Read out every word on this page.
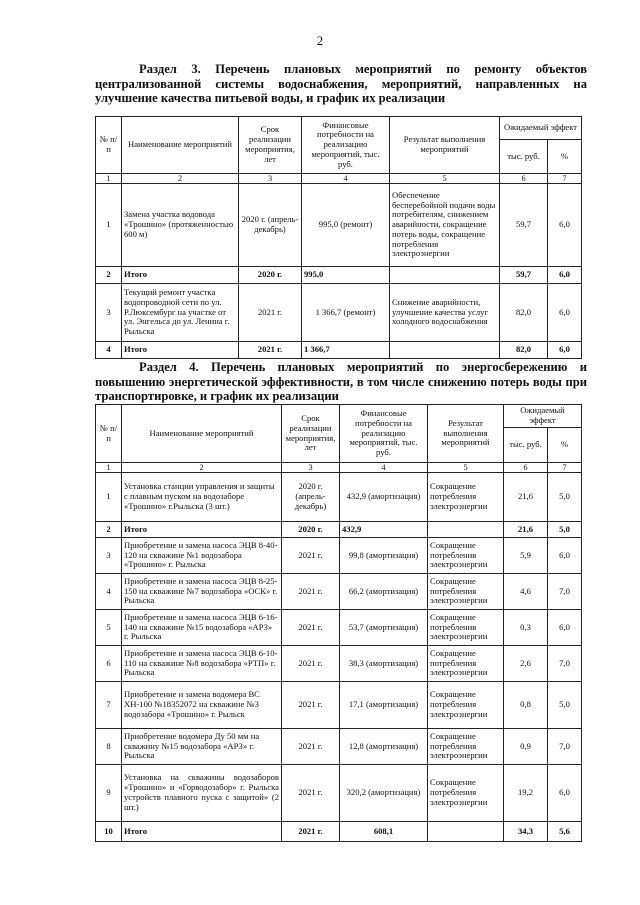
2
Раздел 3. Перечень плановых мероприятий по ремонту объектов централизованной системы водоснабжения, мероприятий, направленных на улучшение качества питьевой воды, и график их реализации
№ п/п	Наименование мероприятий	Срок реализации мероприятия, лет	Финансовые потребности на реализацию мероприятий, тыс. руб.	Результат выполнения мероприятий	Ожидаемый эффект	
					тыс. руб.	%
1	2	3	4	5	6	7
1	Замена участка водовода «Трошино» (протяженностью 600 м)	2020 г. (апрель-декабрь)	995,0 (ремонт)	Обеспечение бесперебойной подачи воды потребителям, снижением аварийности, сокращение потерь воды, сокращение потребления электроэнергии	59,7	6,0
2	Итого	2020 г.	995,0		59,7	6,0
3	Текущий ремонт участка водопроводной сети по ул. Р.Люксембург на участке от ул. Энгельса до ул. Ленина г. Рыльска	2021 г.	1 366,7 (ремонт)	Снижение аварийности, улучшение качества услуг холодного водоснабжения	82,0	6,0
4	Итого	2021 г.	1 366,7		82,0	6,0
Раздел 4. Перечень плановых мероприятий по энергосбережению и повышению энергетической эффективности, в том числе снижению потерь воды при транспортировке, и график их реализации
№ п/п	Наименование мероприятий	Срок реализации мероприятия, лет	Финансовые потребности на реализацию мероприятий, тыс. руб.	Результат выполнения мероприятий	Ожидаемый эффект	
					тыс. руб.	%
1	2	3	4	5	6	7
1	Установка станции управления и защиты с плавным пуском на водозаборе «Трошино» г.Рыльска (3 шт.)	2020 г. (апрель-декабрь)	432,9 (амортизация)	Сокращение потребления электроэнергии	21,6	5,0
2	Итого	2020 г.	432,9		21,6	5,0
3	Приобретение и замена насоса ЭЦВ 8-40-120 на скважине №1 водозабора «Трошино» г. Рыльска	2021 г.	99,8 (амортизация)	Сокращение потребления электроэнергии	5,9	6,0
4	Приобретение и замена насоса ЭЦВ 8-25-150 на скважине №7 водозабора «ОСК» г. Рыльска	2021 г.	66,2 (амортизация)	Сокращение потребления электроэнергии	4,6	7,0
5	Приобретение и замена насоса ЭЦВ 6-16-140 на скважине №15 водозабора «АРЗ» г. Рыльска	2021 г.	53,7 (амортизация)	Сокращение потребления электроэнергии	0,3	6,0
6	Приобретение и замена насоса ЭЦВ 6-10-110 на скважине №8 водозабора «РТП» г. Рыльска	2021 г.	38,3 (амортизация)	Сокращение потребления электроэнергии	2,6	7,0
7	Приобретение и замена водомера ВС ХН-100 №18352072 на скважине №3 водозабора «Трошино» г. Рыльск	2021 г.	17,1 (амортизация)	Сокращение потребления электроэнергии	0,8	5,0
8	Приобретение водомера Ду 50 мм на скважину №15 водозабора «АРЗ» г. Рыльска	2021 г.	12,8 (амортизация)	Сокращение потребления электроэнергии	0,9	7,0
9	Установка на скважины водозаборов «Трошино» и «Горводозабор» г. Рыльска устройств плавного пуска с защитой» (2 шт.)	2021 г.	320,2 (амортизация)	Сокращение потребления электроэнергии	19,2	6,0
10	Итого	2021 г.	608,1		34,3	5,6
